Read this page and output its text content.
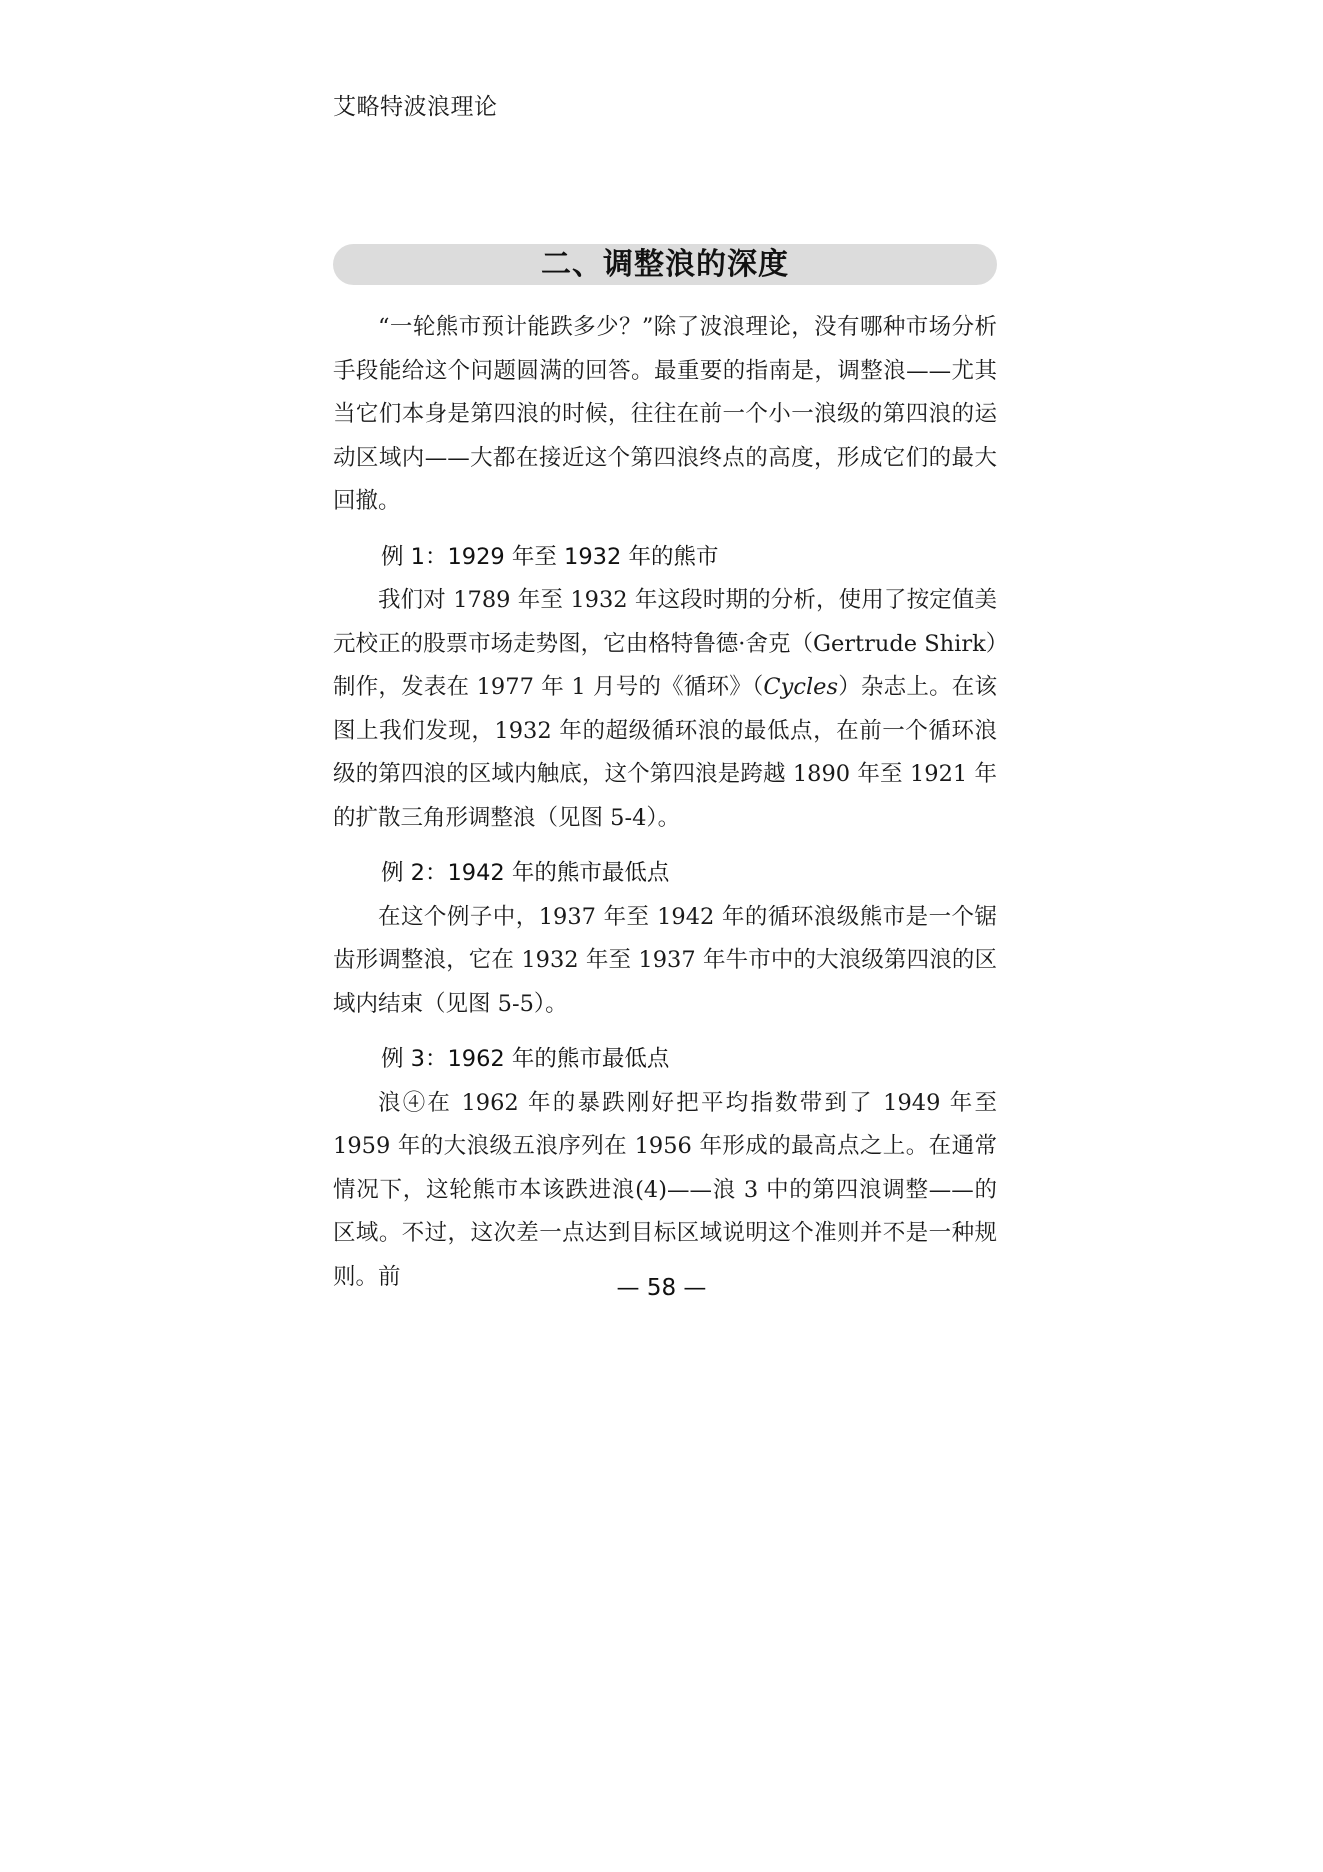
艾略特波浪理论
二、调整浪的深度

“一轮熊市预计能跌多少？”除了波浪理论，没有哪种市场分析手段能给这个问题圆满的回答。最重要的指南是，调整浪——尤其当它们本身是第四浪的时候，往往在前一个小一浪级的第四浪的运动区域内——大都在接近这个第四浪终点的高度，形成它们的最大回撤。

例 1：1929 年至 1932 年的熊市

我们对 1789 年至 1932 年这段时期的分析，使用了按定值美元校正的股票市场走势图，它由格特鲁德·舍克（Gertrude Shirk）制作，发表在 1977 年 1 月号的《循环》（Cycles）杂志上。在该图上我们发现，1932 年的超级循环浪的最低点，在前一个循环浪级的第四浪的区域内触底，这个第四浪是跨越 1890 年至 1921 年的扩散三角形调整浪（见图 5-4）。

例 2：1942 年的熊市最低点

在这个例子中，1937 年至 1942 年的循环浪级熊市是一个锯齿形调整浪，它在 1932 年至 1937 年牛市中的大浪级第四浪的区域内结束（见图 5-5）。

例 3：1962 年的熊市最低点

浪④在 1962 年的暴跌刚好把平均指数带到了 1949 年至 1959 年的大浪级五浪序列在 1956 年形成的最高点之上。在通常情况下，这轮熊市本该跌进浪(4)——浪 3 中的第四浪调整——的区域。不过，这次差一点达到目标区域说明这个准则并不是一种规则。前	— 58 —
